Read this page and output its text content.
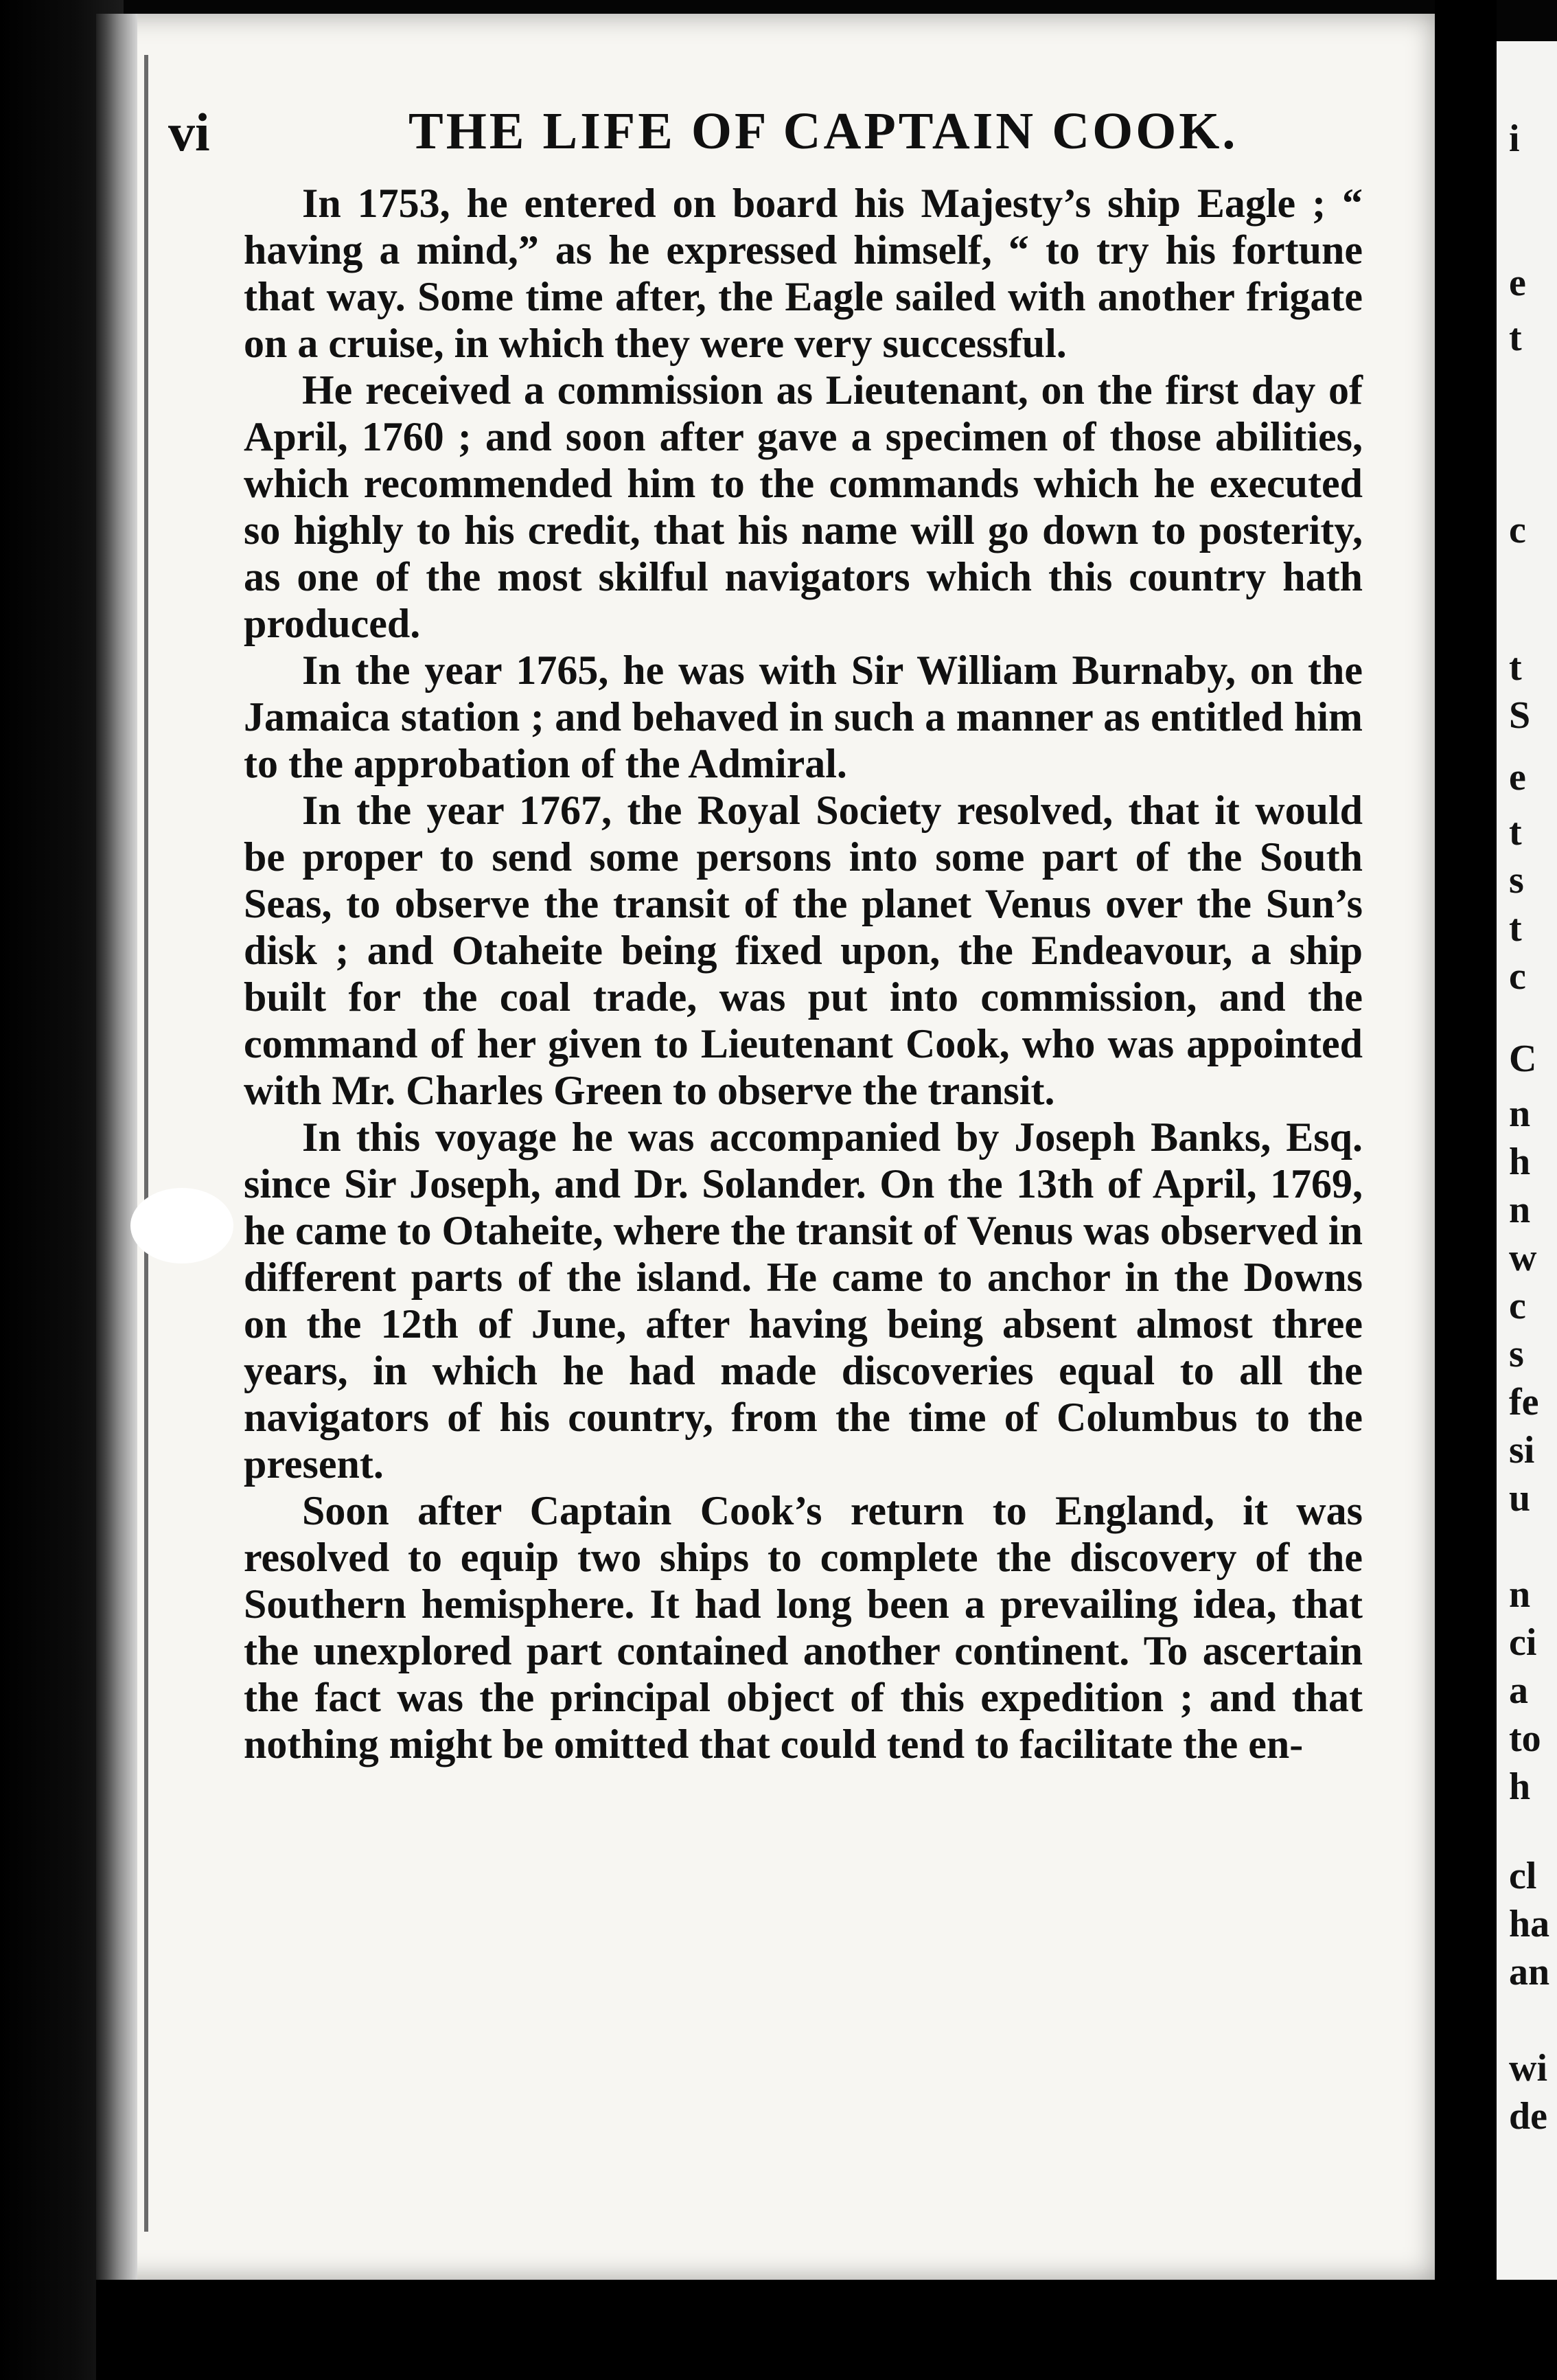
vi	THE LIFE OF CAPTAIN COOK.

In 1753, he entered on board his Majesty’s ship Eagle ; “ having a mind,” as he expressed himself, “ to try his fortune that way. Some time after, the Eagle sailed with another frigate on a cruise, in which they were very successful.

He received a commission as Lieutenant, on the first day of April, 1760 ; and soon after gave a specimen of those abilities, which recommended him to the commands which he executed so highly to his credit, that his name will go down to posterity, as one of the most skilful navigators which this country hath produced.

In the year 1765, he was with Sir William Burnaby, on the Jamaica station ; and behaved in such a manner as entitled him to the approbation of the Admiral.

In the year 1767, the Royal Society resolved, that it would be proper to send some persons into some part of the South Seas, to observe the transit of the planet Venus over the Sun’s disk ; and Otaheite being fixed upon, the Endeavour, a ship built for the coal trade, was put into commission, and the command of her given to Lieutenant Cook, who was appointed with Mr. Charles Green to observe the transit.

In this voyage he was accompanied by Joseph Banks, Esq. since Sir Joseph, and Dr. Solander. On the 13th of April, 1769, he came to Otaheite, where the transit of Venus was observed in different parts of the island. He came to anchor in the Downs on the 12th of June, after having being absent almost three years, in which he had made discoveries equal to all the navigators of his country, from the time of Columbus to the present.

Soon after Captain Cook’s return to England, it was resolved to equip two ships to complete the discovery of the Southern hemisphere. It had long been a prevailing idea, that the unexplored part contained another continent. To ascertain the fact was the principal object of this expedition ; and that nothing might be omitted that could tend to facilitate the en-

i
e
t
c
t
S
e
t
s
t
c
C
n
h
n
w
c
s
fe
si
u
n
ci
a
to
h
cl
ha
an
wi
de
